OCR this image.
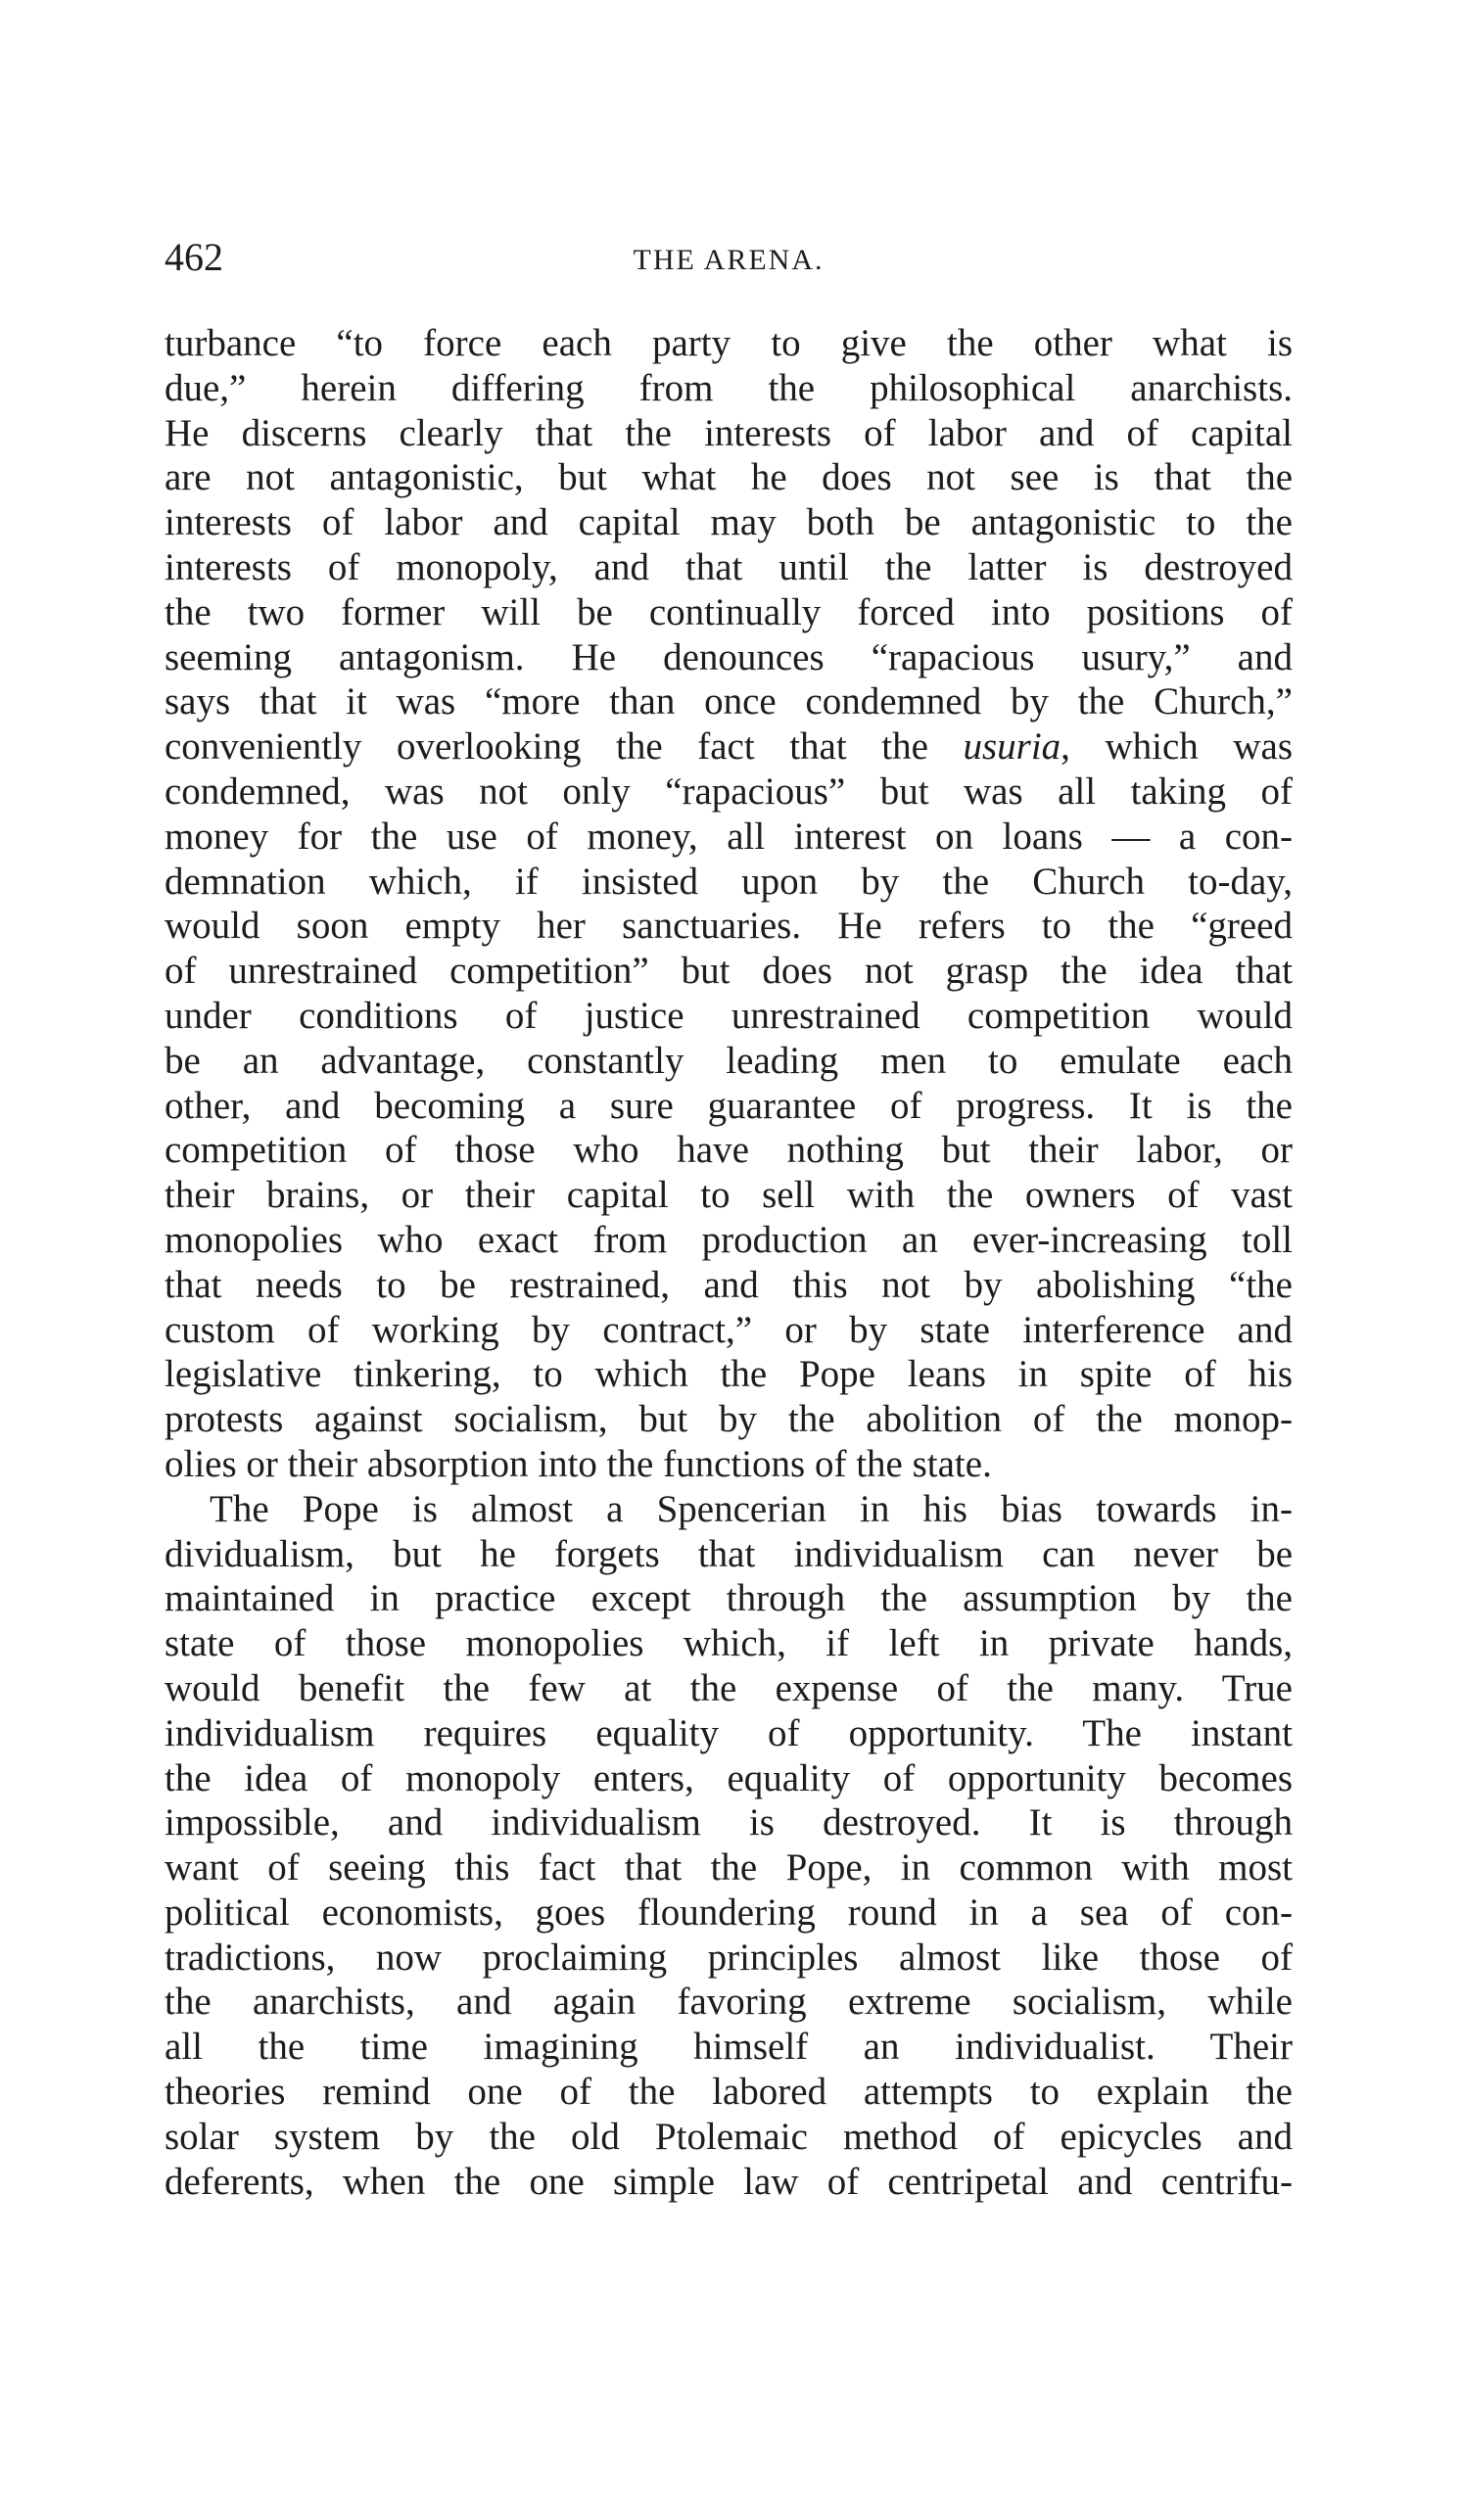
462	THE ARENA.
turbance “to force each party to give the other what is
due,” herein differing from the philosophical anarchists.
He discerns clearly that the interests of labor and of capital
are not antagonistic, but what he does not see is that the
interests of labor and capital may both be antagonistic to the
interests of monopoly, and that until the latter is destroyed
the two former will be continually forced into positions of
seeming antagonism. He denounces “rapacious usury,” and
says that it was “more than once condemned by the Church,”
conveniently overlooking the fact that the usuria, which was
condemned, was not only “rapacious” but was all taking of
money for the use of money, all interest on loans — a con-
demnation which, if insisted upon by the Church to-day,
would soon empty her sanctuaries. He refers to the “greed
of unrestrained competition” but does not grasp the idea that
under conditions of justice unrestrained competition would
be an advantage, constantly leading men to emulate each
other, and becoming a sure guarantee of progress. It is the
competition of those who have nothing but their labor, or
their brains, or their capital to sell with the owners of vast
monopolies who exact from production an ever-increasing toll
that needs to be restrained, and this not by abolishing “the
custom of working by contract,” or by state interference and
legislative tinkering, to which the Pope leans in spite of his
protests against socialism, but by the abolition of the monop-
olies or their absorption into the functions of the state.
The Pope is almost a Spencerian in his bias towards in-
dividualism, but he forgets that individualism can never be
maintained in practice except through the assumption by the
state of those monopolies which, if left in private hands,
would benefit the few at the expense of the many. True
individualism requires equality of opportunity. The instant
the idea of monopoly enters, equality of opportunity becomes
impossible, and individualism is destroyed. It is through
want of seeing this fact that the Pope, in common with most
political economists, goes floundering round in a sea of con-
tradictions, now proclaiming principles almost like those of
the anarchists, and again favoring extreme socialism, while
all the time imagining himself an individualist. Their
theories remind one of the labored attempts to explain the
solar system by the old Ptolemaic method of epicycles and
deferents, when the one simple law of centripetal and centrifu-
